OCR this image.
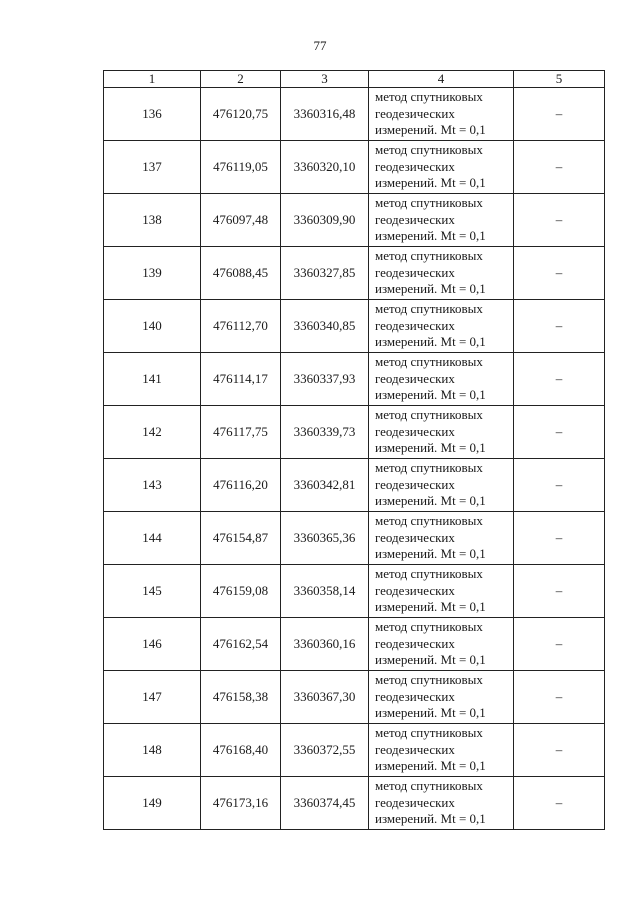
77
1	2	3	4	5
136	476120,75	3360316,48	метод спутниковых
геодезических
измерений. Mt = 0,1	–
137	476119,05	3360320,10	метод спутниковых
геодезических
измерений. Mt = 0,1	–
138	476097,48	3360309,90	метод спутниковых
геодезических
измерений. Mt = 0,1	–
139	476088,45	3360327,85	метод спутниковых
геодезических
измерений. Mt = 0,1	–
140	476112,70	3360340,85	метод спутниковых
геодезических
измерений. Mt = 0,1	–
141	476114,17	3360337,93	метод спутниковых
геодезических
измерений. Mt = 0,1	–
142	476117,75	3360339,73	метод спутниковых
геодезических
измерений. Mt = 0,1	–
143	476116,20	3360342,81	метод спутниковых
геодезических
измерений. Mt = 0,1	–
144	476154,87	3360365,36	метод спутниковых
геодезических
измерений. Mt = 0,1	–
145	476159,08	3360358,14	метод спутниковых
геодезических
измерений. Mt = 0,1	–
146	476162,54	3360360,16	метод спутниковых
геодезических
измерений. Mt = 0,1	–
147	476158,38	3360367,30	метод спутниковых
геодезических
измерений. Mt = 0,1	–
148	476168,40	3360372,55	метод спутниковых
геодезических
измерений. Mt = 0,1	–
149	476173,16	3360374,45	метод спутниковых
геодезических
измерений. Mt = 0,1	–
